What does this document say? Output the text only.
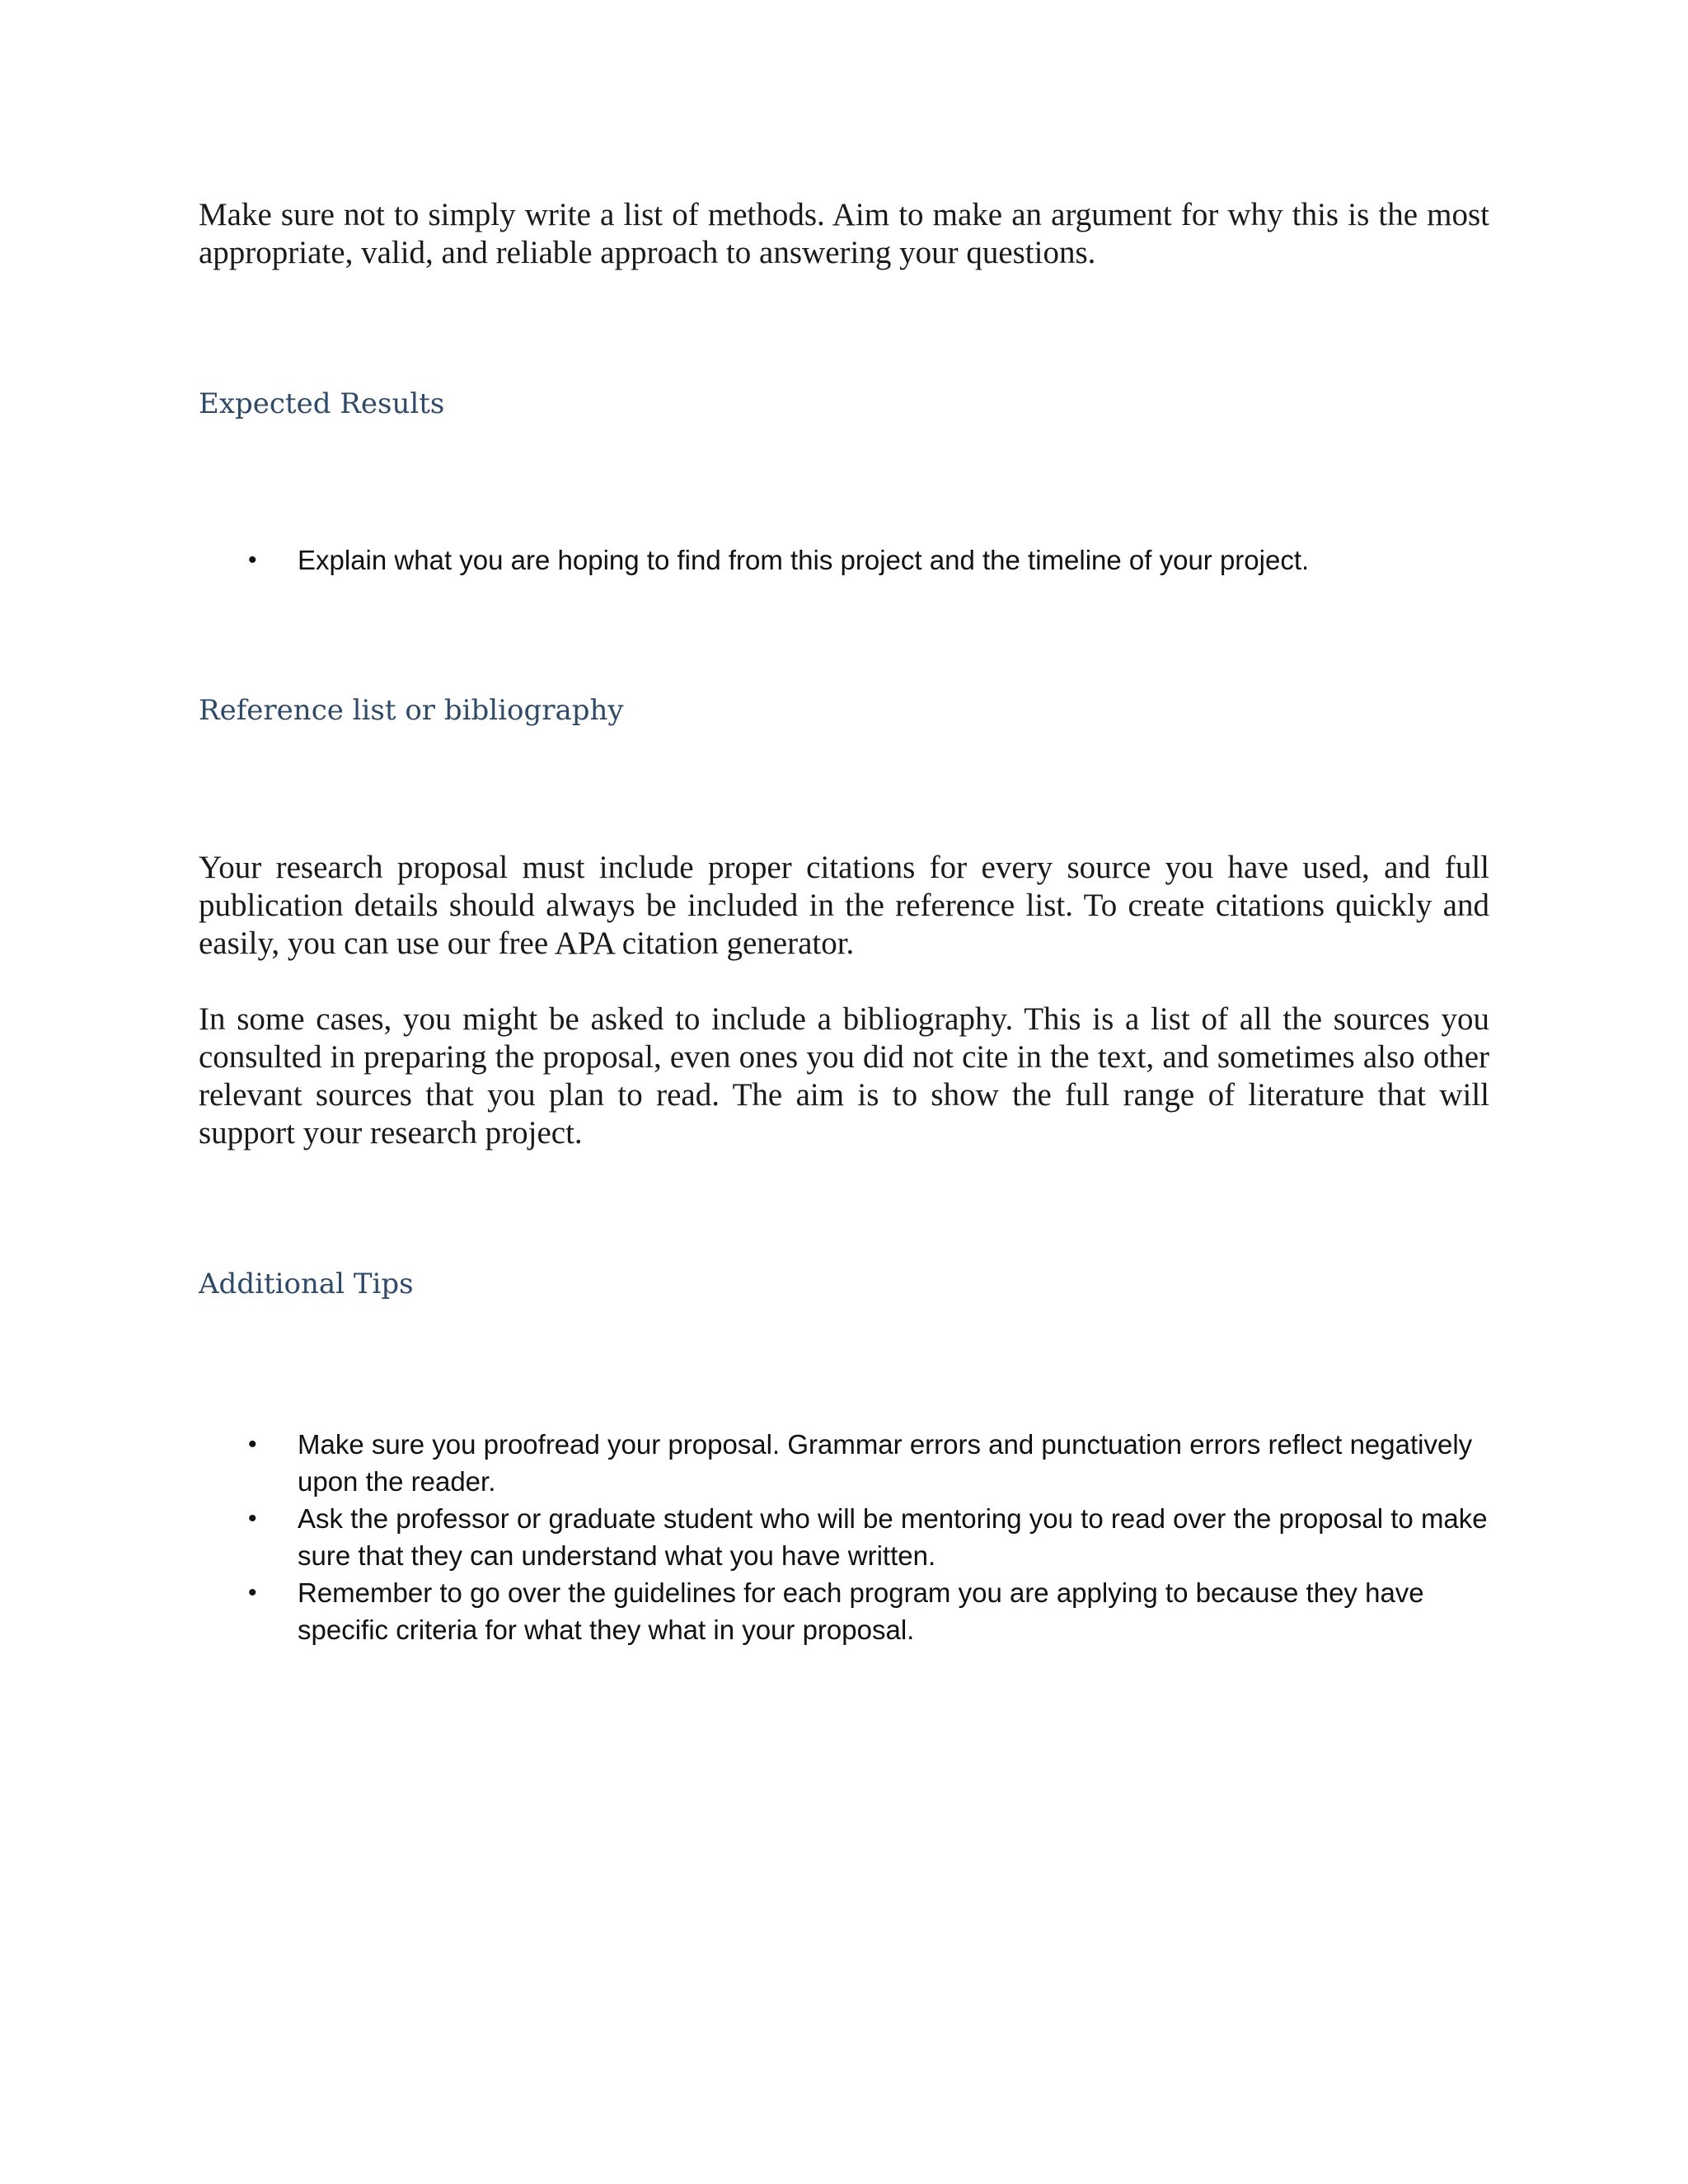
Make sure not to simply write a list of methods. Aim to make an argument for why this is the most appropriate, valid, and reliable approach to answering your questions.

Expected Results
• Explain what you are hoping to find from this project and the timeline of your project.
Reference list or bibliography

Your research proposal must include proper citations for every source you have used, and full publication details should always be included in the reference list. To create citations quickly and easily, you can use our free APA citation generator.

In some cases, you might be asked to include a bibliography. This is a list of all the sources you consulted in preparing the proposal, even ones you did not cite in the text, and sometimes also other relevant sources that you plan to read. The aim is to show the full range of literature that will support your research project.

Additional Tips
• Make sure you proofread your proposal. Grammar errors and punctuation errors reflect negatively upon the reader.
• Ask the professor or graduate student who will be mentoring you to read over the proposal to make sure that they can understand what you have written.
• Remember to go over the guidelines for each program you are applying to because they have specific criteria for what they what in your proposal.
